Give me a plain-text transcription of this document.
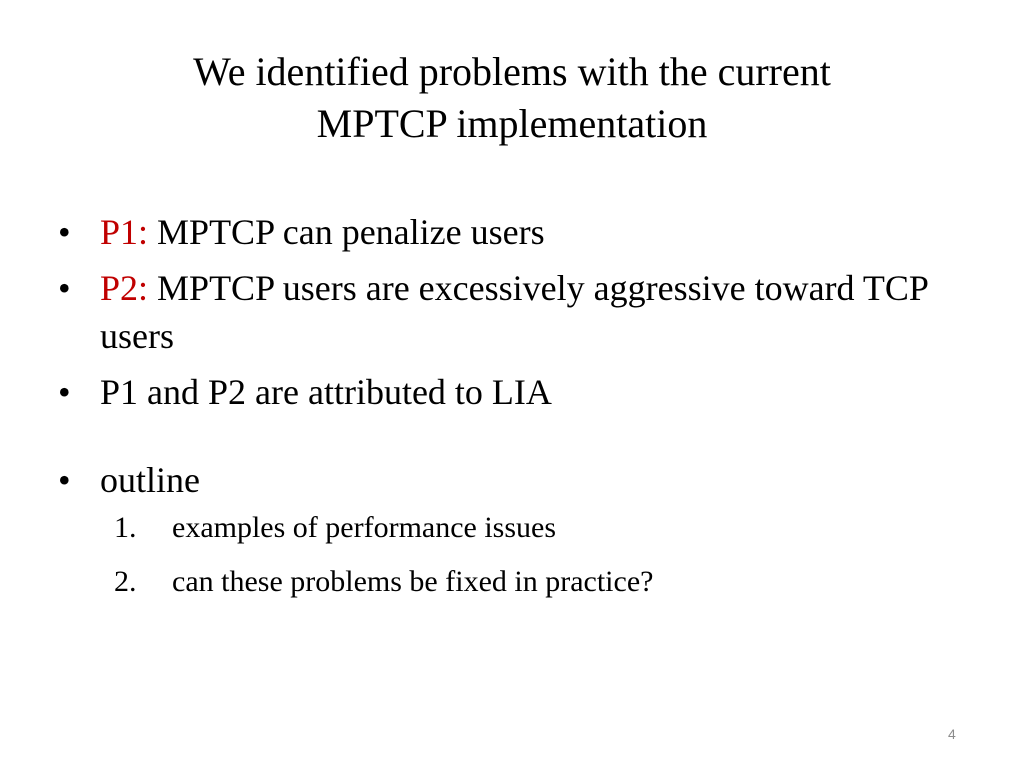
We identified problems with the current
MPTCP implementation
• P1: MPTCP can penalize users
• P2: MPTCP users are excessively aggressive toward TCP users
• P1 and P2 are attributed to LIA
• outline
1. examples of performance issues
2. can these problems be fixed in practice?
4
